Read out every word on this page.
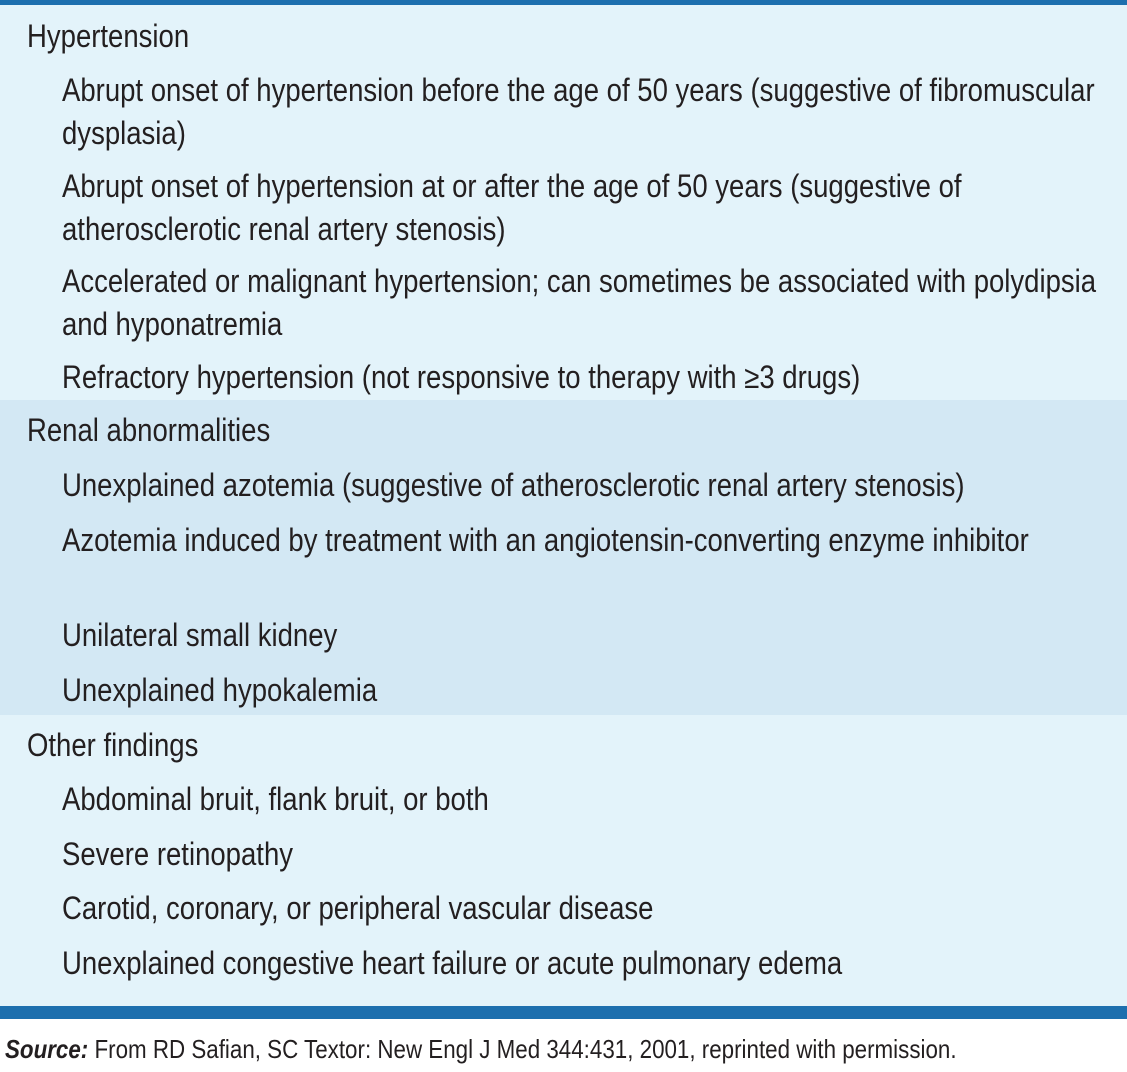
Hypertension
Abrupt onset of hypertension before the age of 50 years (suggestive of fibromuscular dysplasia)
Abrupt onset of hypertension at or after the age of 50 years (suggestive of atherosclerotic renal artery stenosis)
Accelerated or malignant hypertension; can sometimes be associated with polydipsia and hyponatremia
Refractory hypertension (not responsive to therapy with ≥3 drugs)
Renal abnormalities
Unexplained azotemia (suggestive of atherosclerotic renal artery stenosis)
Azotemia induced by treatment with an angiotensin-converting enzyme inhibitor
Unilateral small kidney
Unexplained hypokalemia
Other findings
Abdominal bruit, flank bruit, or both
Severe retinopathy
Carotid, coronary, or peripheral vascular disease
Unexplained congestive heart failure or acute pulmonary edema
Source: From RD Safian, SC Textor: New Engl J Med 344:431, 2001, reprinted with permission.
